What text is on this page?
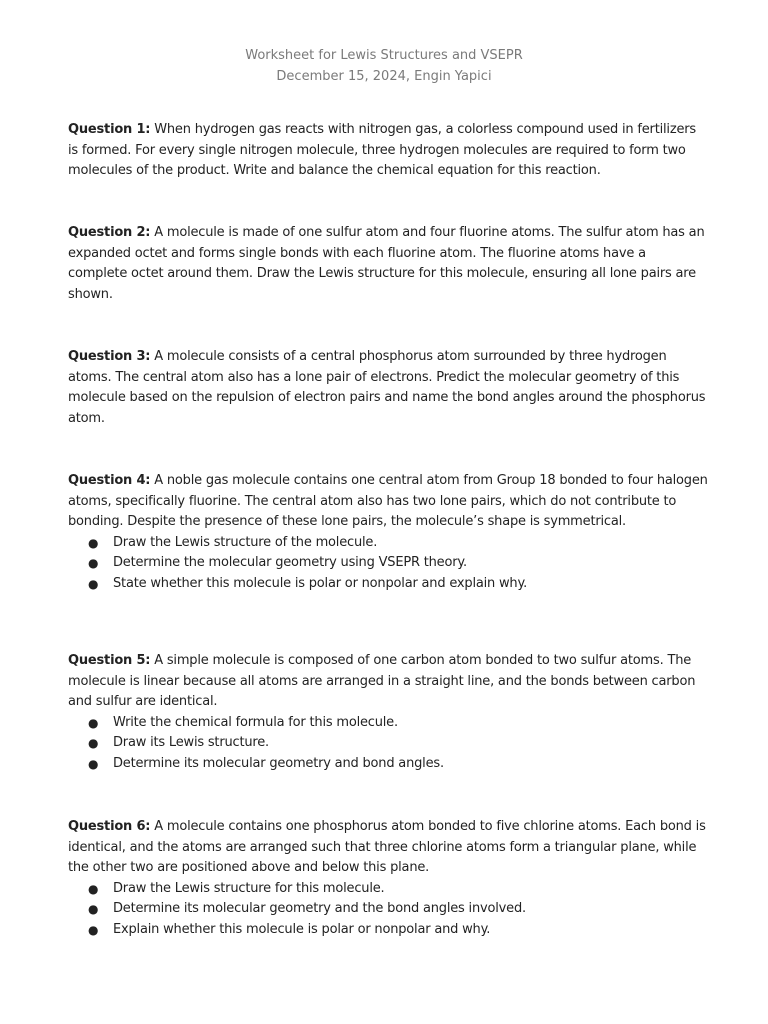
Worksheet for Lewis Structures and VSEPR
December 15, 2024, Engin Yapici

Question 1: When hydrogen gas reacts with nitrogen gas, a colorless compound used in fertilizers is formed. For every single nitrogen molecule, three hydrogen molecules are required to form two molecules of the product. Write and balance the chemical equation for this reaction.

Question 2: A molecule is made of one sulfur atom and four fluorine atoms. The sulfur atom has an expanded octet and forms single bonds with each fluorine atom. The fluorine atoms have a complete octet around them. Draw the Lewis structure for this molecule, ensuring all lone pairs are shown.

Question 3: A molecule consists of a central phosphorus atom surrounded by three hydrogen atoms. The central atom also has a lone pair of electrons. Predict the molecular geometry of this molecule based on the repulsion of electron pairs and name the bond angles around the phosphorus atom.

Question 4: A noble gas molecule contains one central atom from Group 18 bonded to four halogen atoms, specifically fluorine. The central atom also has two lone pairs, which do not contribute to bonding. Despite the presence of these lone pairs, the molecule’s shape is symmetrical.

● Draw the Lewis structure of the molecule.
● Determine the molecular geometry using VSEPR theory.
● State whether this molecule is polar or nonpolar and explain why.

Question 5: A simple molecule is composed of one carbon atom bonded to two sulfur atoms. The molecule is linear because all atoms are arranged in a straight line, and the bonds between carbon and sulfur are identical.

● Write the chemical formula for this molecule.
● Draw its Lewis structure.
● Determine its molecular geometry and bond angles.

Question 6: A molecule contains one phosphorus atom bonded to five chlorine atoms. Each bond is identical, and the atoms are arranged such that three chlorine atoms form a triangular plane, while the other two are positioned above and below this plane.

● Draw the Lewis structure for this molecule.
● Determine its molecular geometry and the bond angles involved.
● Explain whether this molecule is polar or nonpolar and why.
